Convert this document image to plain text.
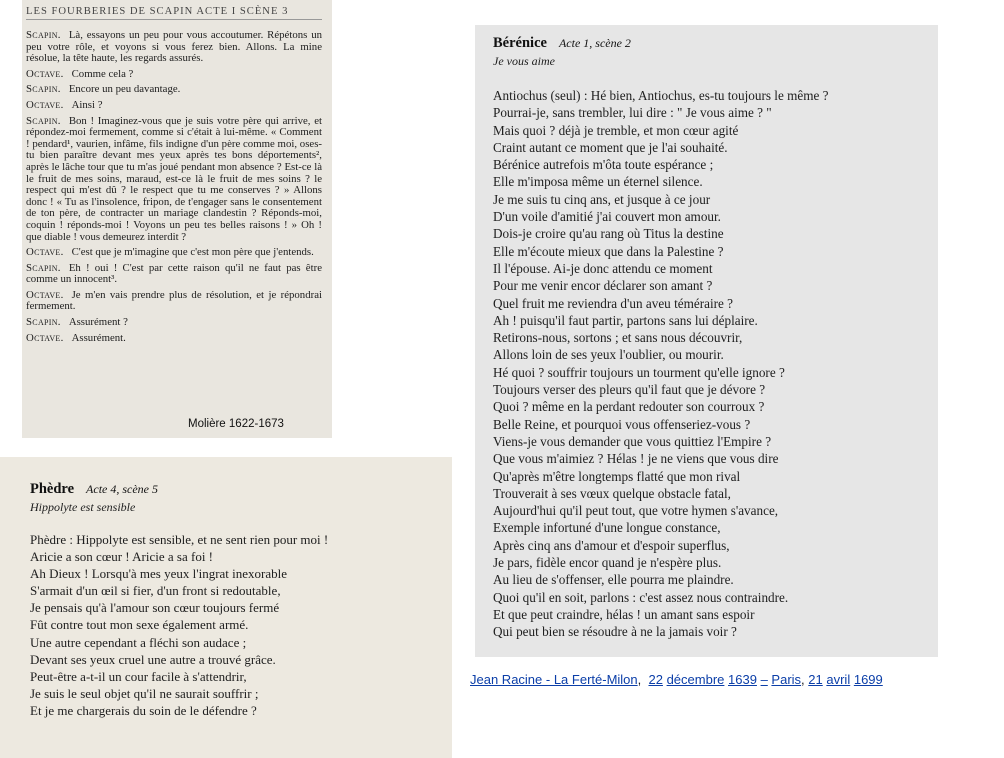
LES FOURBERIES DE SCAPIN ACTE I SCÈNE 3
Scapin. Là, essayons un peu pour vous accoutumer. Répétons un peu votre rôle, et voyons si vous ferez bien. Allons. La mine résolue, la tête haute, les regards assurés.
Octave. Comme cela ?
Scapin. Encore un peu davantage.
Octave. Ainsi ?
Scapin. Bon ! Imaginez-vous que je suis votre père qui arrive, et répondez-moi fermement, comme si c'était à lui-même. « Comment ! pendard¹, vaurien, infâme, fils indigne d'un père comme moi, oses-tu bien paraître devant mes yeux après tes bons déportements², après le lâche tour que tu m'as joué pendant mon absence ? Est-ce là le fruit de mes soins, maraud, est-ce là le fruit de mes soins ? le respect qui m'est dû ? le respect que tu me conserves ? » Allons donc ! « Tu as l'insolence, fripon, de t'engager sans le consentement de ton père, de contracter un mariage clandestin ? Réponds-moi, coquin ! réponds-moi ! Voyons un peu tes belles raisons ! » Oh ! que diable ! vous demeurez interdit ?
Octave. C'est que je m'imagine que c'est mon père que j'entends.
Scapin. Eh ! oui ! C'est par cette raison qu'il ne faut pas être comme un innocent³.
Octave. Je m'en vais prendre plus de résolution, et je répondrai fermement.
Scapin. Assurément ?
Octave. Assurément.
Molière 1622-1673
Bérénice Acte 1, scène 2
Je vous aime
Antiochus (seul) : Hé bien, Antiochus, es-tu toujours le même ?
Pourrai-je, sans trembler, lui dire : " Je vous aime ? "
Mais quoi ? déjà je tremble, et mon cœur agité
Craint autant ce moment que je l'ai souhaité.
Bérénice autrefois m'ôta toute espérance ;
Elle m'imposa même un éternel silence.
Je me suis tu cinq ans, et jusque à ce jour
D'un voile d'amitié j'ai couvert mon amour.
Dois-je croire qu'au rang où Titus la destine
Elle m'écoute mieux que dans la Palestine ?
Il l'épouse. Ai-je donc attendu ce moment
Pour me venir encor déclarer son amant ?
Quel fruit me reviendra d'un aveu téméraire ?
Ah ! puisqu'il faut partir, partons sans lui déplaire.
Retirons-nous, sortons ; et sans nous découvrir,
Allons loin de ses yeux l'oublier, ou mourir.
Hé quoi ? souffrir toujours un tourment qu'elle ignore ?
Toujours verser des pleurs qu'il faut que je dévore ?
Quoi ? même en la perdant redouter son courroux ?
Belle Reine, et pourquoi vous offenseriez-vous ?
Viens-je vous demander que vous quittiez l'Empire ?
Que vous m'aimiez ? Hélas ! je ne viens que vous dire
Qu'après m'être longtemps flatté que mon rival
Trouverait à ses vœux quelque obstacle fatal,
Aujourd'hui qu'il peut tout, que votre hymen s'avance,
Exemple infortuné d'une longue constance,
Après cinq ans d'amour et d'espoir superflus,
Je pars, fidèle encor quand je n'espère plus.
Au lieu de s'offenser, elle pourra me plaindre.
Quoi qu'il en soit, parlons : c'est assez nous contraindre.
Et que peut craindre, hélas ! un amant sans espoir
Qui peut bien se résoudre à ne la jamais voir ?
Phèdre Acte 4, scène 5
Hippolyte est sensible
Phèdre : Hippolyte est sensible, et ne sent rien pour moi !
Aricie a son cœur ! Aricie a sa foi !
Ah Dieux ! Lorsqu'à mes yeux l'ingrat inexorable
S'armait d'un œil si fier, d'un front si redoutable,
Je pensais qu'à l'amour son cœur toujours fermé
Fût contre tout mon sexe également armé.
Une autre cependant a fléchi son audace ;
Devant ses yeux cruel une autre a trouvé grâce.
Peut-être a-t-il un cour facile à s'attendrir,
Je suis le seul objet qu'il ne saurait souffrir ;
Et je me chargerais du soin de le défendre ?
Jean Racine - La Ferté-Milon,  22 décembre 1639 – Paris, 21 avril 1699
